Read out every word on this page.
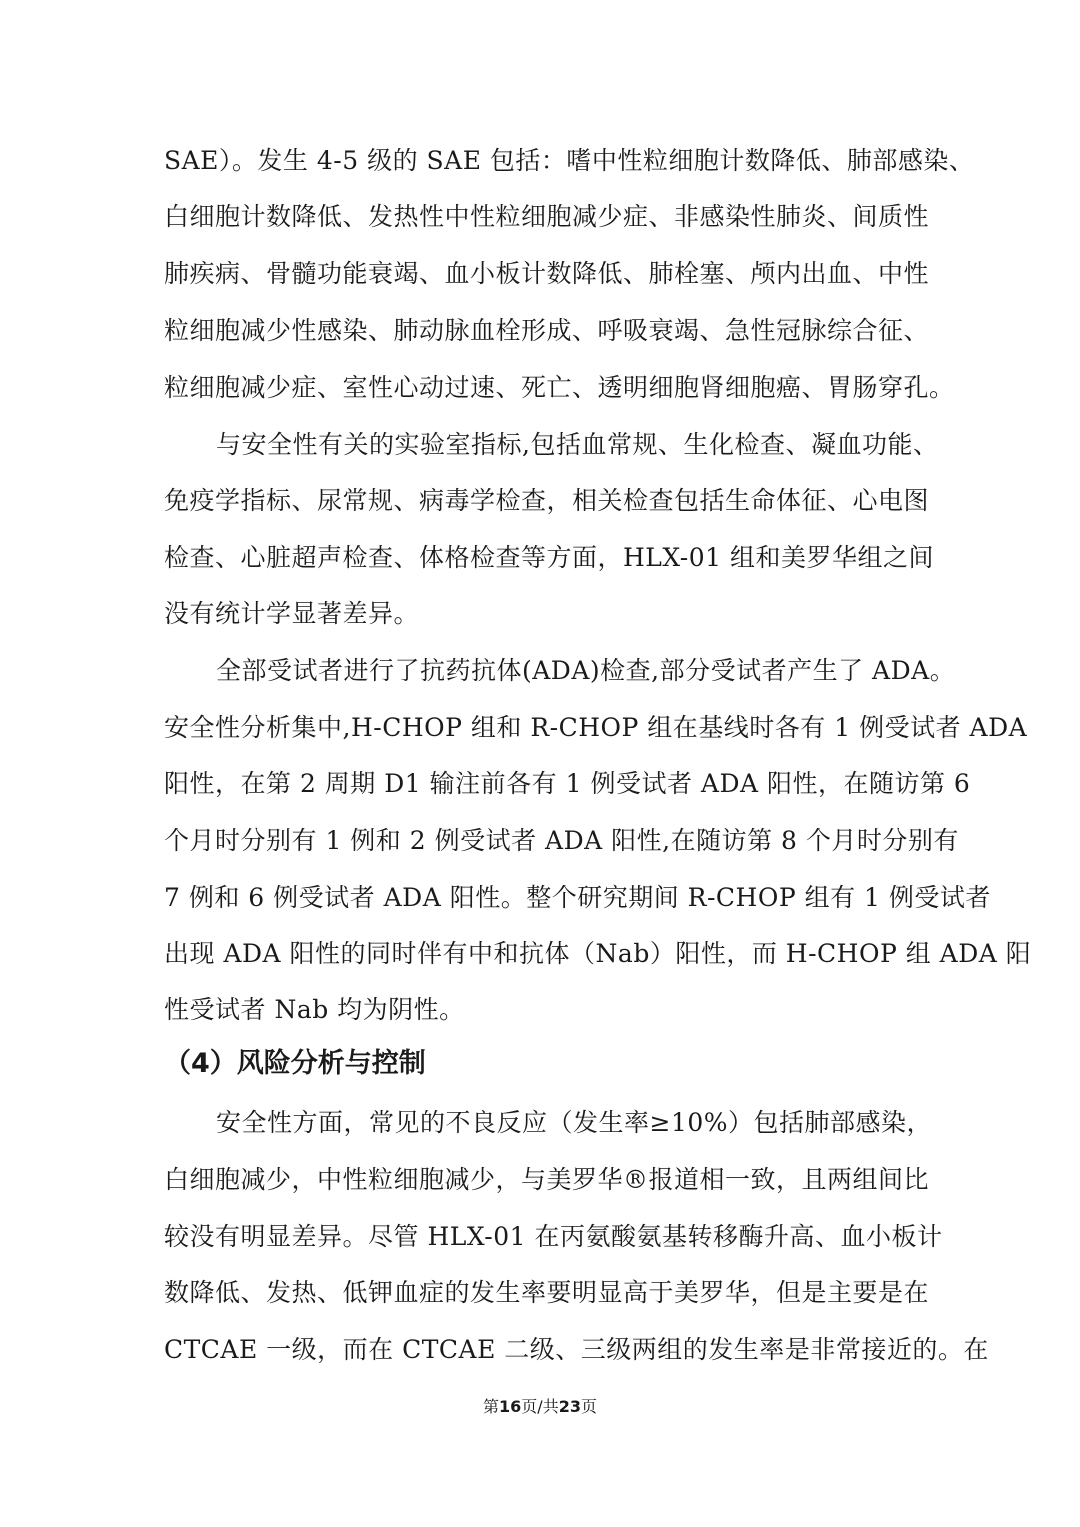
SAE）。发生 4-5 级的 SAE 包括：嗜中性粒细胞计数降低、肺部感染、
白细胞计数降低、发热性中性粒细胞减少症、非感染性肺炎、间质性
肺疾病、骨髓功能衰竭、血小板计数降低、肺栓塞、颅内出血、中性
粒细胞减少性感染、肺动脉血栓形成、呼吸衰竭、急性冠脉综合征、
粒细胞减少症、室性心动过速、死亡、透明细胞肾细胞癌、胃肠穿孔。
与安全性有关的实验室指标,包括血常规、生化检查、凝血功能、
免疫学指标、尿常规、病毒学检查，相关检查包括生命体征、心电图
检查、心脏超声检查、体格检查等方面，HLX-01 组和美罗华组之间
没有统计学显著差异。
全部受试者进行了抗药抗体(ADA)检查,部分受试者产生了 ADA。
安全性分析集中,H-CHOP 组和 R-CHOP 组在基线时各有 1 例受试者 ADA
阳性，在第 2 周期 D1 输注前各有 1 例受试者 ADA 阳性，在随访第 6
个月时分别有 1 例和 2 例受试者 ADA 阳性,在随访第 8 个月时分别有
7 例和 6 例受试者 ADA 阳性。整个研究期间 R-CHOP 组有 1 例受试者
出现 ADA 阳性的同时伴有中和抗体（Nab）阳性，而 H-CHOP 组 ADA 阳
性受试者 Nab 均为阴性。
（4）风险分析与控制
安全性方面，常见的不良反应（发生率≥10%）包括肺部感染，
白细胞减少，中性粒细胞减少，与美罗华®报道相一致，且两组间比
较没有明显差异。尽管 HLX-01 在丙氨酸氨基转移酶升高、血小板计
数降低、发热、低钾血症的发生率要明显高于美罗华，但是主要是在
CTCAE 一级，而在 CTCAE 二级、三级两组的发生率是非常接近的。在
第16页/共23页
